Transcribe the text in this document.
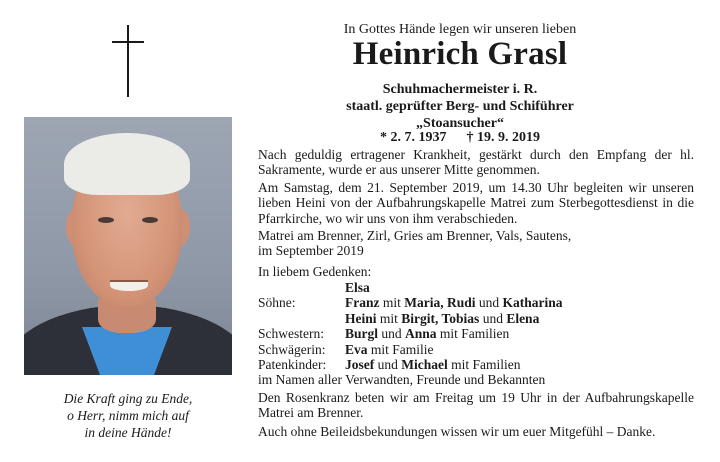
In Gottes Hände legen wir unseren lieben
Heinrich Grasl
Schuhmachermeister i. R.
staatl. geprüfter Berg- und Schiführer
„Stoansucher“
* 2. 7. 1937 † 19. 9. 2019
Die Kraft ging zu Ende,
o Herr, nimm mich auf
in deine Hände!
Nach geduldig ertragener Krankheit, gestärkt durch den Empfang der hl. Sakramente, wurde er aus unserer Mitte genommen.
Am Samstag, dem 21. September 2019, um 14.30 Uhr begleiten wir unseren lieben Heini von der Aufbahrungskapelle Matrei zum Sterbegottesdienst in die Pfarrkirche, wo wir uns von ihm verabschieden.
Matrei am Brenner, Zirl, Gries am Brenner, Vals, Sautens,
im September 2019
In liebem Gedenken:
Elsa
Söhne:	Franz mit Maria, Rudi und Katharina
Heini mit Birgit, Tobias und Elena
Schwestern:	Burgl und Anna mit Familien
Schwägerin:	Eva mit Familie
Patenkinder:	Josef und Michael mit Familien
im Namen aller Verwandten, Freunde und Bekannten
Den Rosenkranz beten wir am Freitag um 19 Uhr in der Aufbahrungskapelle Matrei am Brenner.
Auch ohne Beileidsbekundungen wissen wir um euer Mitgefühl – Danke.
